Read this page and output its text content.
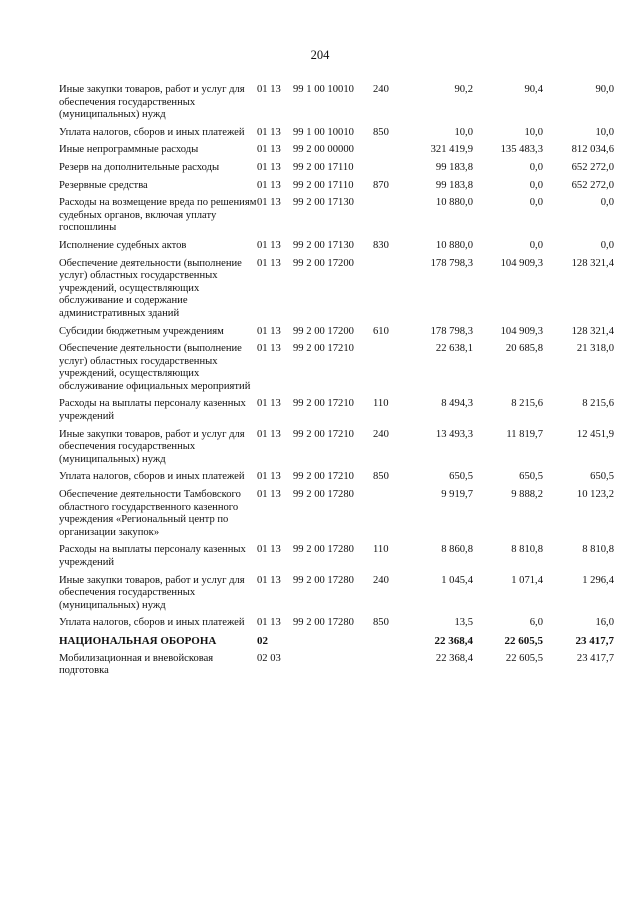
204
Иные закупки товаров, работ и услуг для обеспечения государственных (муниципальных) нужд	01 13	99 1 00 10010	240	90,2	90,4	90,0
Уплата налогов, сборов и иных платежей	01 13	99 1 00 10010	850	10,0	10,0	10,0
Иные непрограммные расходы	01 13	99 2 00 00000		321 419,9	135 483,3	812 034,6
Резерв на дополнительные расходы	01 13	99 2 00 17110		99 183,8	0,0	652 272,0
Резервные средства	01 13	99 2 00 17110	870	99 183,8	0,0	652 272,0
Расходы на возмещение вреда по решениям судебных органов, включая уплату госпошлины	01 13	99 2 00 17130		10 880,0	0,0	0,0
Исполнение судебных актов	01 13	99 2 00 17130	830	10 880,0	0,0	0,0
Обеспечение деятельности (выполнение услуг) областных государственных учреждений, осуществляющих обслуживание и содержание административных зданий	01 13	99 2 00 17200		178 798,3	104 909,3	128 321,4
Субсидии бюджетным учреждениям	01 13	99 2 00 17200	610	178 798,3	104 909,3	128 321,4
Обеспечение деятельности (выполнение услуг) областных государственных учреждений, осуществляющих обслуживание официальных мероприятий	01 13	99 2 00 17210		22 638,1	20 685,8	21 318,0
Расходы на выплаты персоналу казенных учреждений	01 13	99 2 00 17210	110	8 494,3	8 215,6	8 215,6
Иные закупки товаров, работ и услуг для обеспечения государственных (муниципальных) нужд	01 13	99 2 00 17210	240	13 493,3	11 819,7	12 451,9
Уплата налогов, сборов и иных платежей	01 13	99 2 00 17210	850	650,5	650,5	650,5
Обеспечение деятельности Тамбовского областного государственного казенного учреждения «Региональный центр по организации закупок»	01 13	99 2 00 17280		9 919,7	9 888,2	10 123,2
Расходы на выплаты персоналу казенных учреждений	01 13	99 2 00 17280	110	8 860,8	8 810,8	8 810,8
Иные закупки товаров, работ и услуг для обеспечения государственных (муниципальных) нужд	01 13	99 2 00 17280	240	1 045,4	1 071,4	1 296,4
Уплата налогов, сборов и иных платежей	01 13	99 2 00 17280	850	13,5	6,0	16,0
НАЦИОНАЛЬНАЯ ОБОРОНА	02			22 368,4	22 605,5	23 417,7
Мобилизационная и вневойсковая подготовка	02 03			22 368,4	22 605,5	23 417,7
